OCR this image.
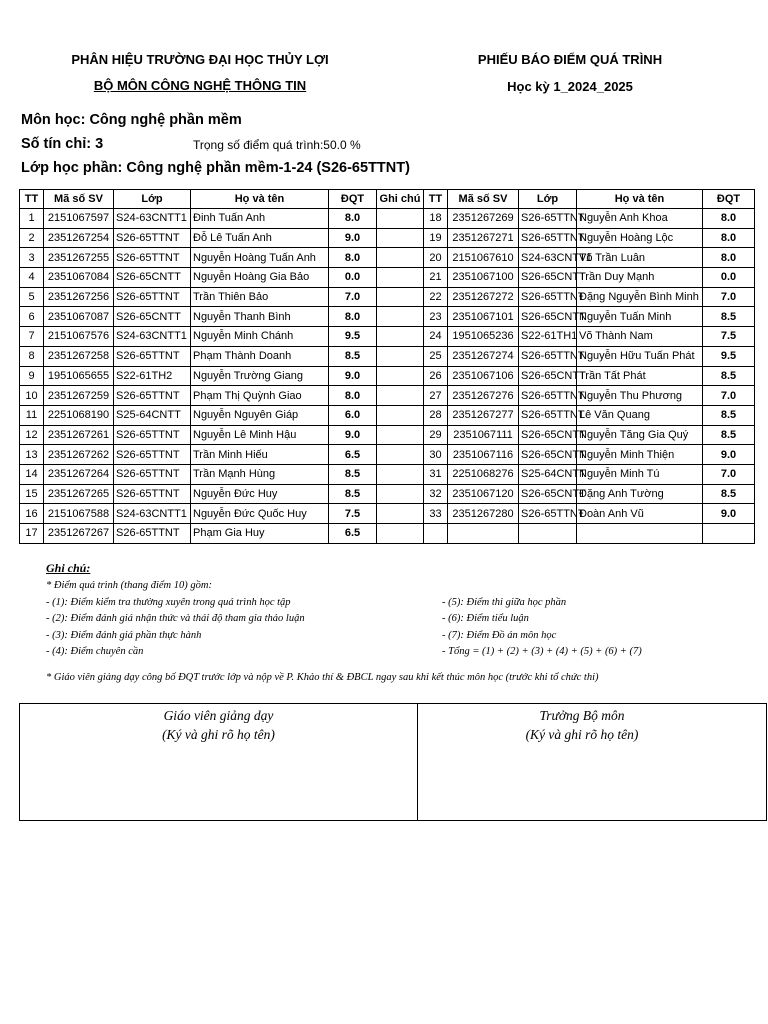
PHÂN HIỆU TRƯỜNG ĐẠI HỌC THỦY LỢI
BỘ MÔN CÔNG NGHỆ THÔNG TIN
PHIẾU BÁO ĐIỂM QUÁ TRÌNH
Học kỳ 1_2024_2025
Môn học: Công nghệ phần mềm
Số tín chỉ: 3	Trọng số điểm quá trình:50.0 %
Lớp học phần: Công nghệ phần mềm-1-24 (S26-65TTNT)
TT	Mã số SV	Lớp	Họ và tên	ĐQT	Ghi chú	TT	Mã số SV	Lớp	Họ và tên	ĐQT
1	2151067597	S24-63CNTT1	Đinh Tuấn Anh	8.0		18	2351267269	S26-65TTNT	Nguyễn Anh Khoa	8.0
2	2351267254	S26-65TTNT	Đỗ Lê Tuấn Anh	9.0		19	2351267271	S26-65TTNT	Nguyễn Hoàng Lộc	8.0
3	2351267255	S26-65TTNT	Nguyễn Hoàng Tuấn Anh	8.0		20	2151067610	S24-63CNTT1	Võ Trần Luân	8.0
4	2351067084	S26-65CNTT	Nguyễn Hoàng Gia Bảo	0.0		21	2351067100	S26-65CNTT	Trần Duy Mạnh	0.0
5	2351267256	S26-65TTNT	Trần Thiên Bảo	7.0		22	2351267272	S26-65TTNT	Đặng Nguyễn Bình Minh	7.0
6	2351067087	S26-65CNTT	Nguyễn Thanh Bình	8.0		23	2351067101	S26-65CNTT	Nguyễn Tuấn Minh	8.5
7	2151067576	S24-63CNTT1	Nguyễn Minh Chánh	9.5		24	1951065236	S22-61TH1	Võ Thành Nam	7.5
8	2351267258	S26-65TTNT	Phạm Thành Doanh	8.5		25	2351267274	S26-65TTNT	Nguyễn Hữu Tuấn Phát	9.5
9	1951065655	S22-61TH2	Nguyễn Trường Giang	9.0		26	2351067106	S26-65CNTT	Trần Tất Phát	8.5
10	2351267259	S26-65TTNT	Phạm Thị Quỳnh Giao	8.0		27	2351267276	S26-65TTNT	Nguyễn Thu Phương	7.0
11	2251068190	S25-64CNTT	Nguyễn Nguyên Giáp	6.0		28	2351267277	S26-65TTNT	Lê Văn Quang	8.5
12	2351267261	S26-65TTNT	Nguyễn Lê Minh Hậu	9.0		29	2351067111	S26-65CNTT	Nguyễn Tăng Gia Quý	8.5
13	2351267262	S26-65TTNT	Trần Minh Hiếu	6.5		30	2351067116	S26-65CNTT	Nguyễn Minh Thiện	9.0
14	2351267264	S26-65TTNT	Trần Mạnh Hùng	8.5		31	2251068276	S25-64CNTT	Nguyễn Minh Tú	7.0
15	2351267265	S26-65TTNT	Nguyễn Đức Huy	8.5		32	2351067120	S26-65CNTT	Đặng Anh Tường	8.5
16	2151067588	S24-63CNTT1	Nguyễn Đức Quốc Huy	7.5		33	2351267280	S26-65TTNT	Đoàn Anh Vũ	9.0
17	2351267267	S26-65TTNT	Phạm Gia Huy	6.5						
Ghi chú:
* Điểm quá trình (thang điểm 10) gồm:
- (1): Điểm kiểm tra thường xuyên trong quá trình học tập
- (2): Điểm đánh giá nhận thức và thái độ tham gia thảo luận
- (3): Điểm đánh giá phần thực hành
- (4): Điểm chuyên cần
- (5): Điểm thi giữa học phần
- (6): Điểm tiểu luận
- (7): Điểm Đồ án môn học
- Tổng = (1) + (2) + (3) + (4) + (5) + (6) + (7)
* Giáo viên giảng dạy công bố ĐQT trước lớp và nộp về P. Khảo thí & ĐBCL ngay sau khi kết thúc môn học (trước khi tổ chức thi)
Giáo viên giảng dạy
(Ký và ghi rõ họ tên)
Trưởng Bộ môn
(Ký và ghi rõ họ tên)
